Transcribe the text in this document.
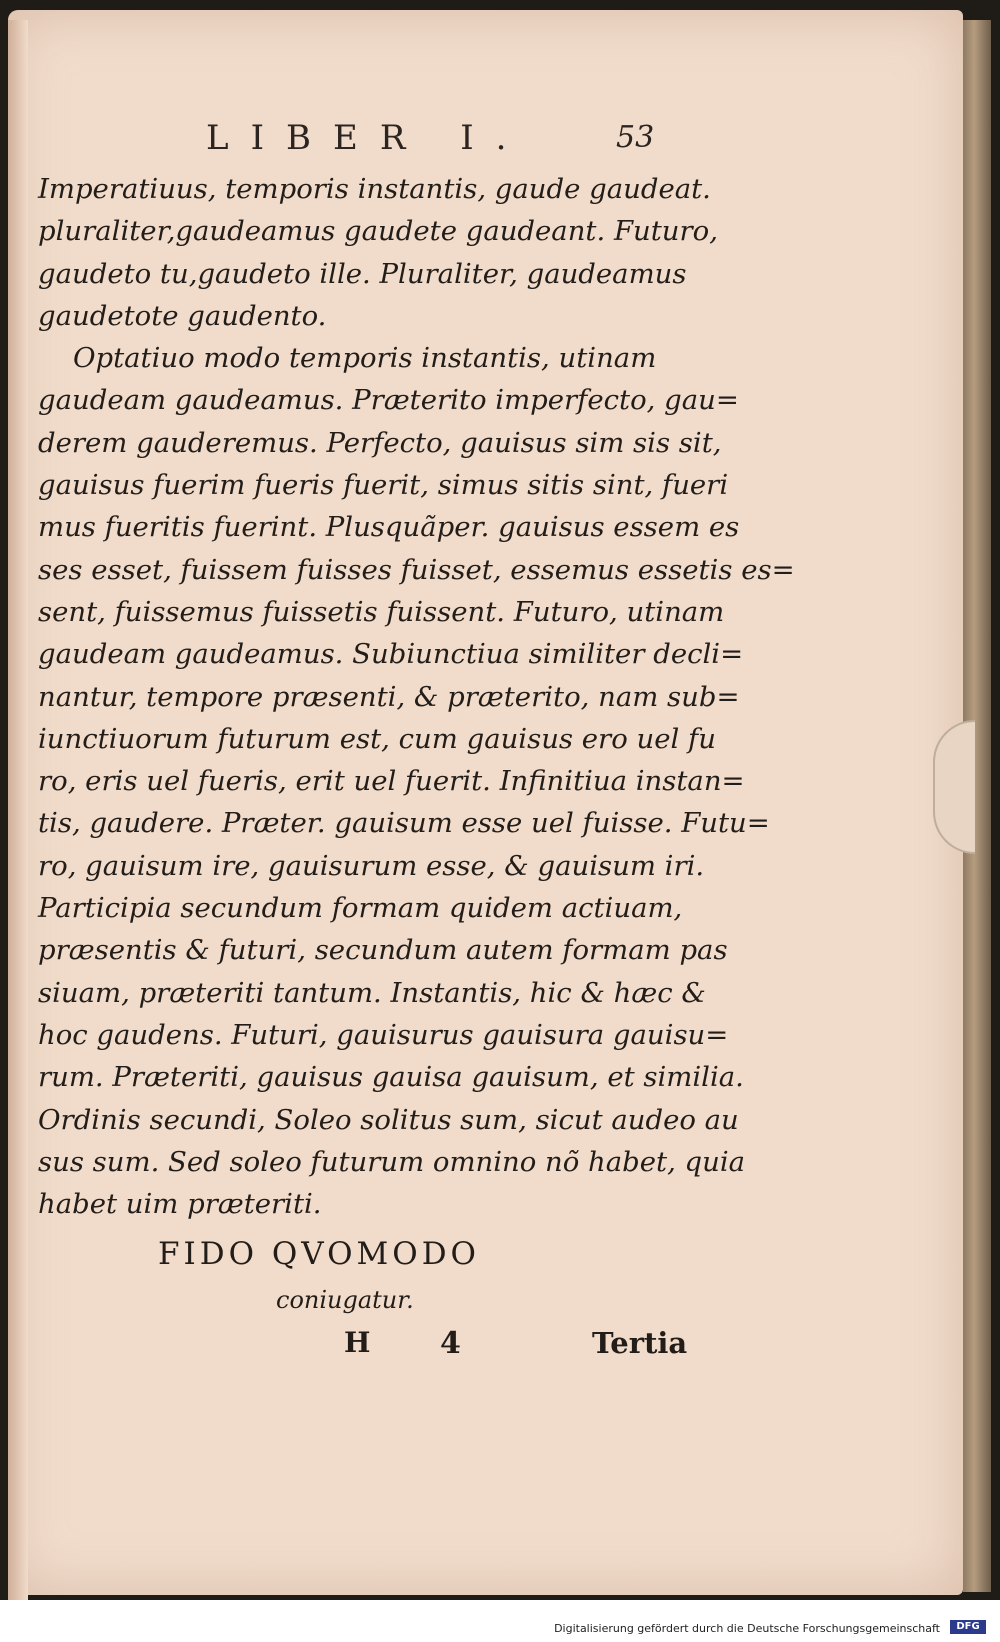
LIBER I.	53
Imperatiuus, temporis instantis, gaude gaudeat.
pluraliter,gaudeamus gaudete gaudeant. Futuro,
gaudeto tu,gaudeto ille. Pluraliter, gaudeamus
gaudetote gaudento.
Optatiuo modo temporis instantis, utinam
gaudeam gaudeamus. Præterito imperfecto, gau=
derem gauderemus. Perfecto, gauisus sim sis sit,
gauisus fuerim fueris fuerit, simus sitis sint, fueri
mus fueritis fuerint. Plusquãper. gauisus essem es
ses esset, fuissem fuisses fuisset, essemus essetis es=
sent, fuissemus fuissetis fuissent. Futuro, utinam
gaudeam gaudeamus. Subiunctiua similiter decli=
nantur, tempore præsenti, & præterito, nam sub=
iunctiuorum futurum est, cum gauisus ero uel fu
ro, eris uel fueris, erit uel fuerit. Infinitiua instan=
tis, gaudere. Præter. gauisum esse uel fuisse. Futu=
ro, gauisum ire, gauisurum esse, & gauisum iri.
Participia secundum formam quidem actiuam,
præsentis & futuri, secundum autem formam pas
siuam, præteriti tantum. Instantis, hic & hæc &
hoc gaudens. Futuri, gauisurus gauisura gauisu=
rum. Præteriti, gauisus gauisa gauisum, et similia.
Ordinis secundi, Soleo solitus sum, sicut audeo au
sus sum. Sed soleo futurum omnino nõ habet, quia
habet uim præteriti.
FIDO QVOMODO
coniugatur.
H 4	Tertia
Digitalisierung gefördert durch die Deutsche Forschungsgemeinschaft	DFG
